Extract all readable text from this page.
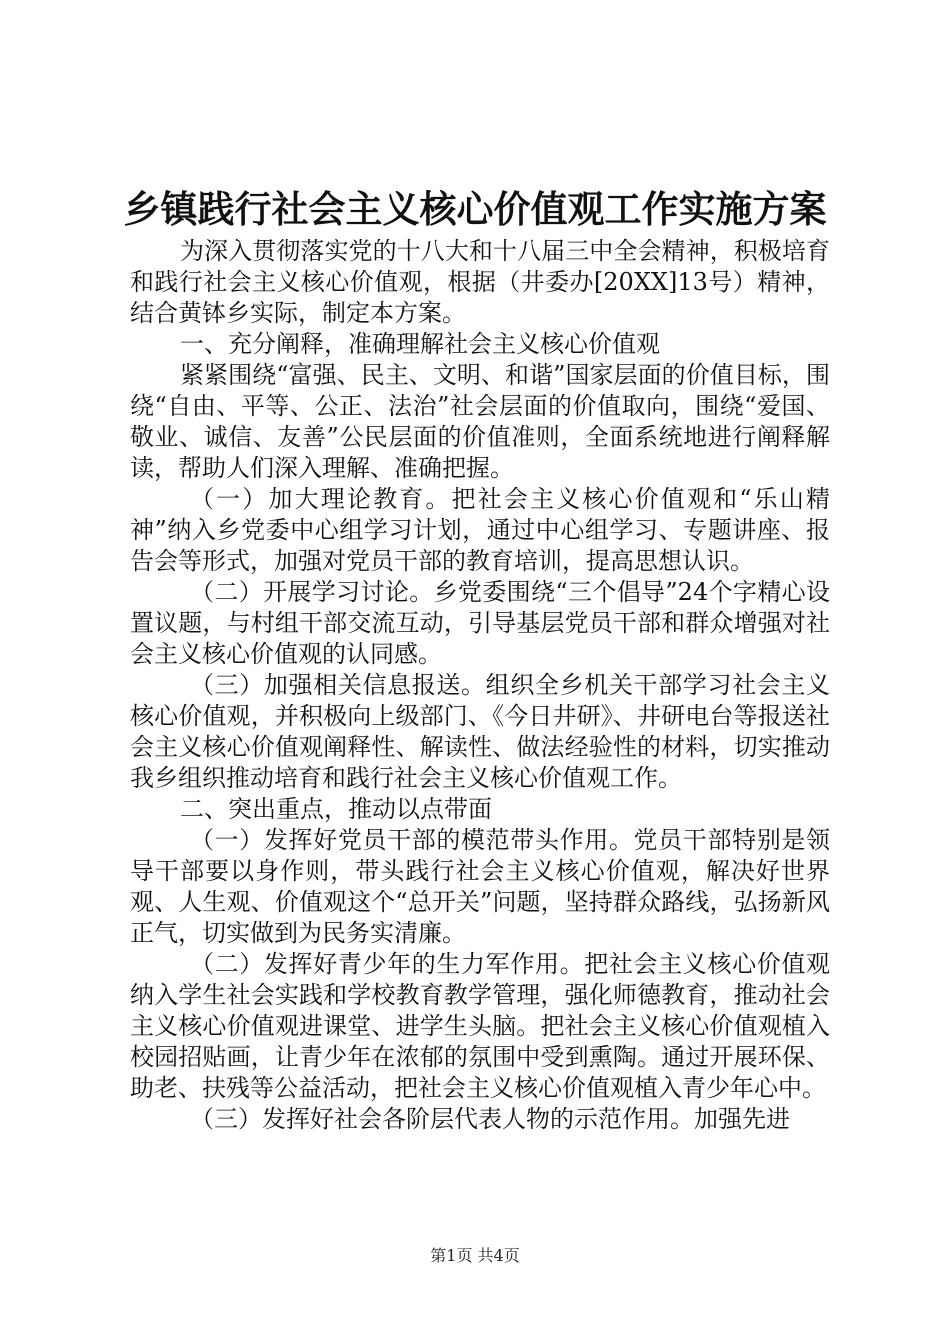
乡镇践行社会主义核心价值观工作实施方案

为深入贯彻落实党的十八大和十八届三中全会精神，积极培育和践行社会主义核心价值观，根据（井委办[20XX]13号）精神，结合黄钵乡实际，制定本方案。

一、充分阐释，准确理解社会主义核心价值观

紧紧围绕“富强、民主、文明、和谐”国家层面的价值目标，围绕“自由、平等、公正、法治”社会层面的价值取向，围绕“爱国、敬业、诚信、友善”公民层面的价值准则，全面系统地进行阐释解读，帮助人们深入理解、准确把握。

（一）加大理论教育。把社会主义核心价值观和“乐山精神”纳入乡党委中心组学习计划，通过中心组学习、专题讲座、报告会等形式，加强对党员干部的教育培训，提高思想认识。

（二）开展学习讨论。乡党委围绕“三个倡导”24个字精心设置议题，与村组干部交流互动，引导基层党员干部和群众增强对社会主义核心价值观的认同感。

（三）加强相关信息报送。组织全乡机关干部学习社会主义核心价值观，并积极向上级部门、《今日井研》、井研电台等报送社会主义核心价值观阐释性、解读性、做法经验性的材料，切实推动我乡组织推动培育和践行社会主义核心价值观工作。

二、突出重点，推动以点带面

（一）发挥好党员干部的模范带头作用。党员干部特别是领导干部要以身作则，带头践行社会主义核心价值观，解决好世界观、人生观、价值观这个“总开关”问题，坚持群众路线，弘扬新风正气，切实做到为民务实清廉。

（二）发挥好青少年的生力军作用。把社会主义核心价值观纳入学生社会实践和学校教育教学管理，强化师德教育，推动社会主义核心价值观进课堂、进学生头脑。把社会主义核心价值观植入校园招贴画，让青少年在浓郁的氛围中受到熏陶。通过开展环保、助老、扶残等公益活动，把社会主义核心价值观植入青少年心中。

（三）发挥好社会各阶层代表人物的示范作用。加强先进

第1页 共4页
